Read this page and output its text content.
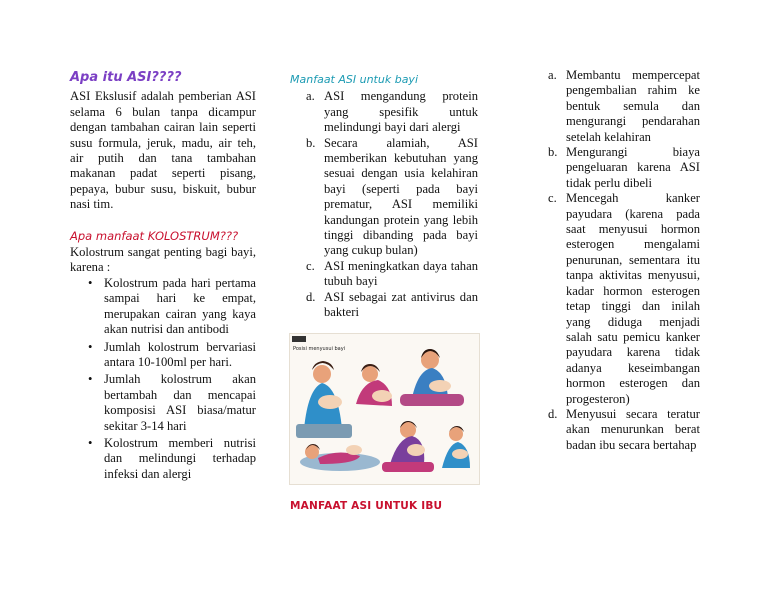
Apa itu ASI????

ASI Ekslusif adalah pemberian ASI selama 6 bulan tanpa dicampur dengan tambahan cairan lain seperti susu formula, jeruk, madu, air teh, air putih dan tana tambahan makanan padat seperti pisang, pepaya, bubur susu, biskuit, bubur nasi tim.

Apa manfaat KOLOSTRUM???

Kolostrum sangat penting bagi bayi, karena :

• Kolostrum pada hari pertama sampai hari ke empat, merupakan cairan yang kaya akan nutrisi dan antibodi
• Jumlah kolostrum bervariasi antara 10-100ml per hari.
• Jumlah kolostrum akan bertambah dan mencapai komposisi ASI biasa/matur sekitar 3-14 hari
• Kolostrum memberi nutrisi dan melindungi terhadap infeksi dan alergi
Manfaat ASI untuk bayi
a. ASI mengandung protein yang spesifik untuk melindungi bayi dari alergi
b. Secara alamiah, ASI memberikan kebutuhan yang sesuai dengan usia kelahiran bayi (seperti pada bayi prematur, ASI memiliki kandungan protein yang lebih tinggi dibanding pada bayi yang cukup bulan)
c. ASI meningkatkan daya tahan tubuh bayi
d. ASI sebagai zat antivirus dan bakteri
Posisi menyusui bayi
MANFAAT ASI UNTUK IBU
a. Membantu mempercepat pengembalian rahim ke bentuk semula dan mengurangi pendarahan setelah kelahiran
b. Mengurangi biaya pengeluaran karena ASI tidak perlu dibeli
c. Mencegah kanker payudara (karena pada saat menyusui hormon esterogen mengalami penurunan, sementara itu tanpa aktivitas menyusui, kadar hormon esterogen tetap tinggi dan inilah yang diduga menjadi salah satu pemicu kanker payudara karena tidak adanya keseimbangan hormon esterogen dan progesteron)
d. Menyusui secara teratur akan menurunkan berat badan ibu secara bertahap
